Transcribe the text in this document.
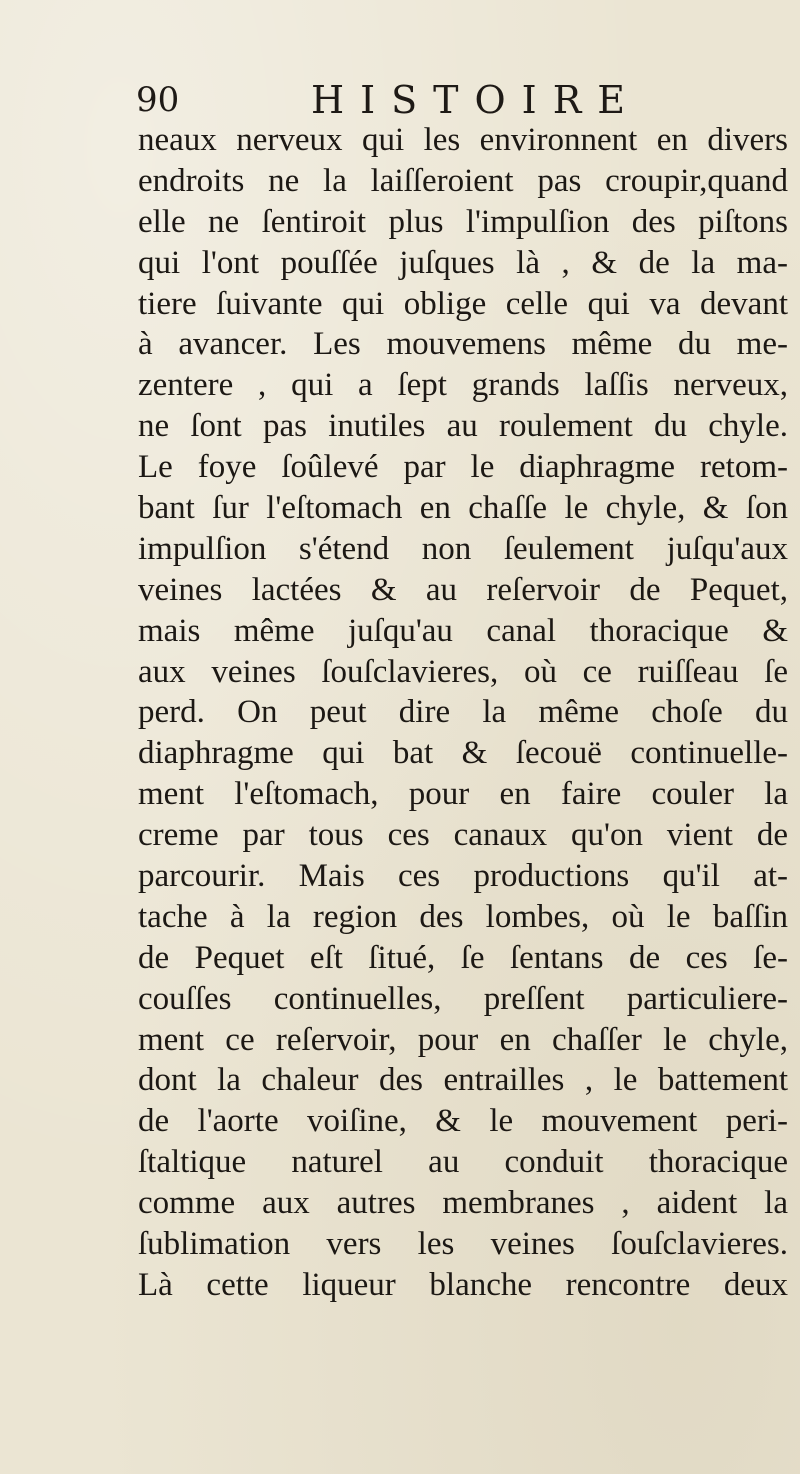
90	HISTOIRE
neaux nerveux qui les environnent en divers
endroits ne la laiſſeroient pas croupir,quand
elle ne ſentiroit plus l'impulſion des piſtons
qui l'ont pouſſée juſques là , & de la ma-
tiere ſuivante qui oblige celle qui va devant
à avancer. Les mouvemens même du me-
zentere , qui a ſept grands laſſis nerveux,
ne ſont pas inutiles au roulement du chyle.
Le foye ſoûlevé par le diaphragme retom-
bant ſur l'eſtomach en chaſſe le chyle, & ſon
impulſion s'étend non ſeulement juſqu'aux
veines lactées & au reſervoir de Pequet,
mais même juſqu'au canal thoracique &
aux veines ſouſclavieres, où ce ruiſſeau ſe
perd. On peut dire la même choſe du
diaphragme qui bat & ſecouë continuelle-
ment l'eſtomach, pour en faire couler la
creme par tous ces canaux qu'on vient de
parcourir. Mais ces productions qu'il at-
tache à la region des lombes, où le baſſin
de Pequet eſt ſitué, ſe ſentans de ces ſe-
couſſes continuelles, preſſent particuliere-
ment ce reſervoir, pour en chaſſer le chyle,
dont la chaleur des entrailles , le battement
de l'aorte voiſine, & le mouvement peri-
ſtaltique naturel au conduit thoracique
comme aux autres membranes , aident la
ſublimation vers les veines ſouſclavieres.
Là cette liqueur blanche rencontre deux
